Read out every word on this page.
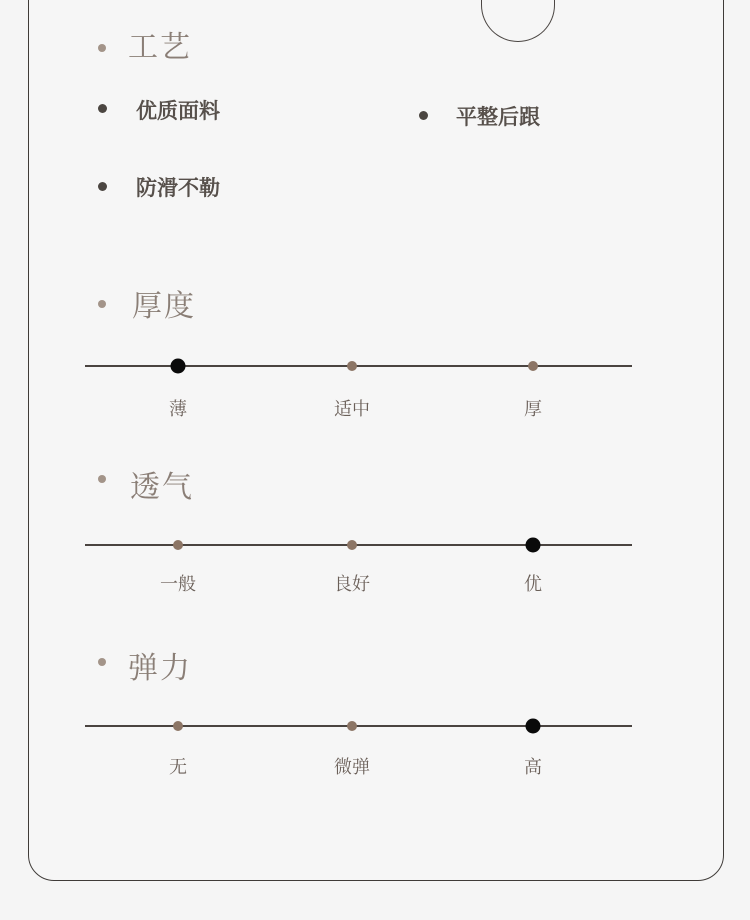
工艺
优质面料	平整后跟
防滑不勒
厚度
透气
弹力
薄	适中	厚
一般	良好	优
无	微弹	高
